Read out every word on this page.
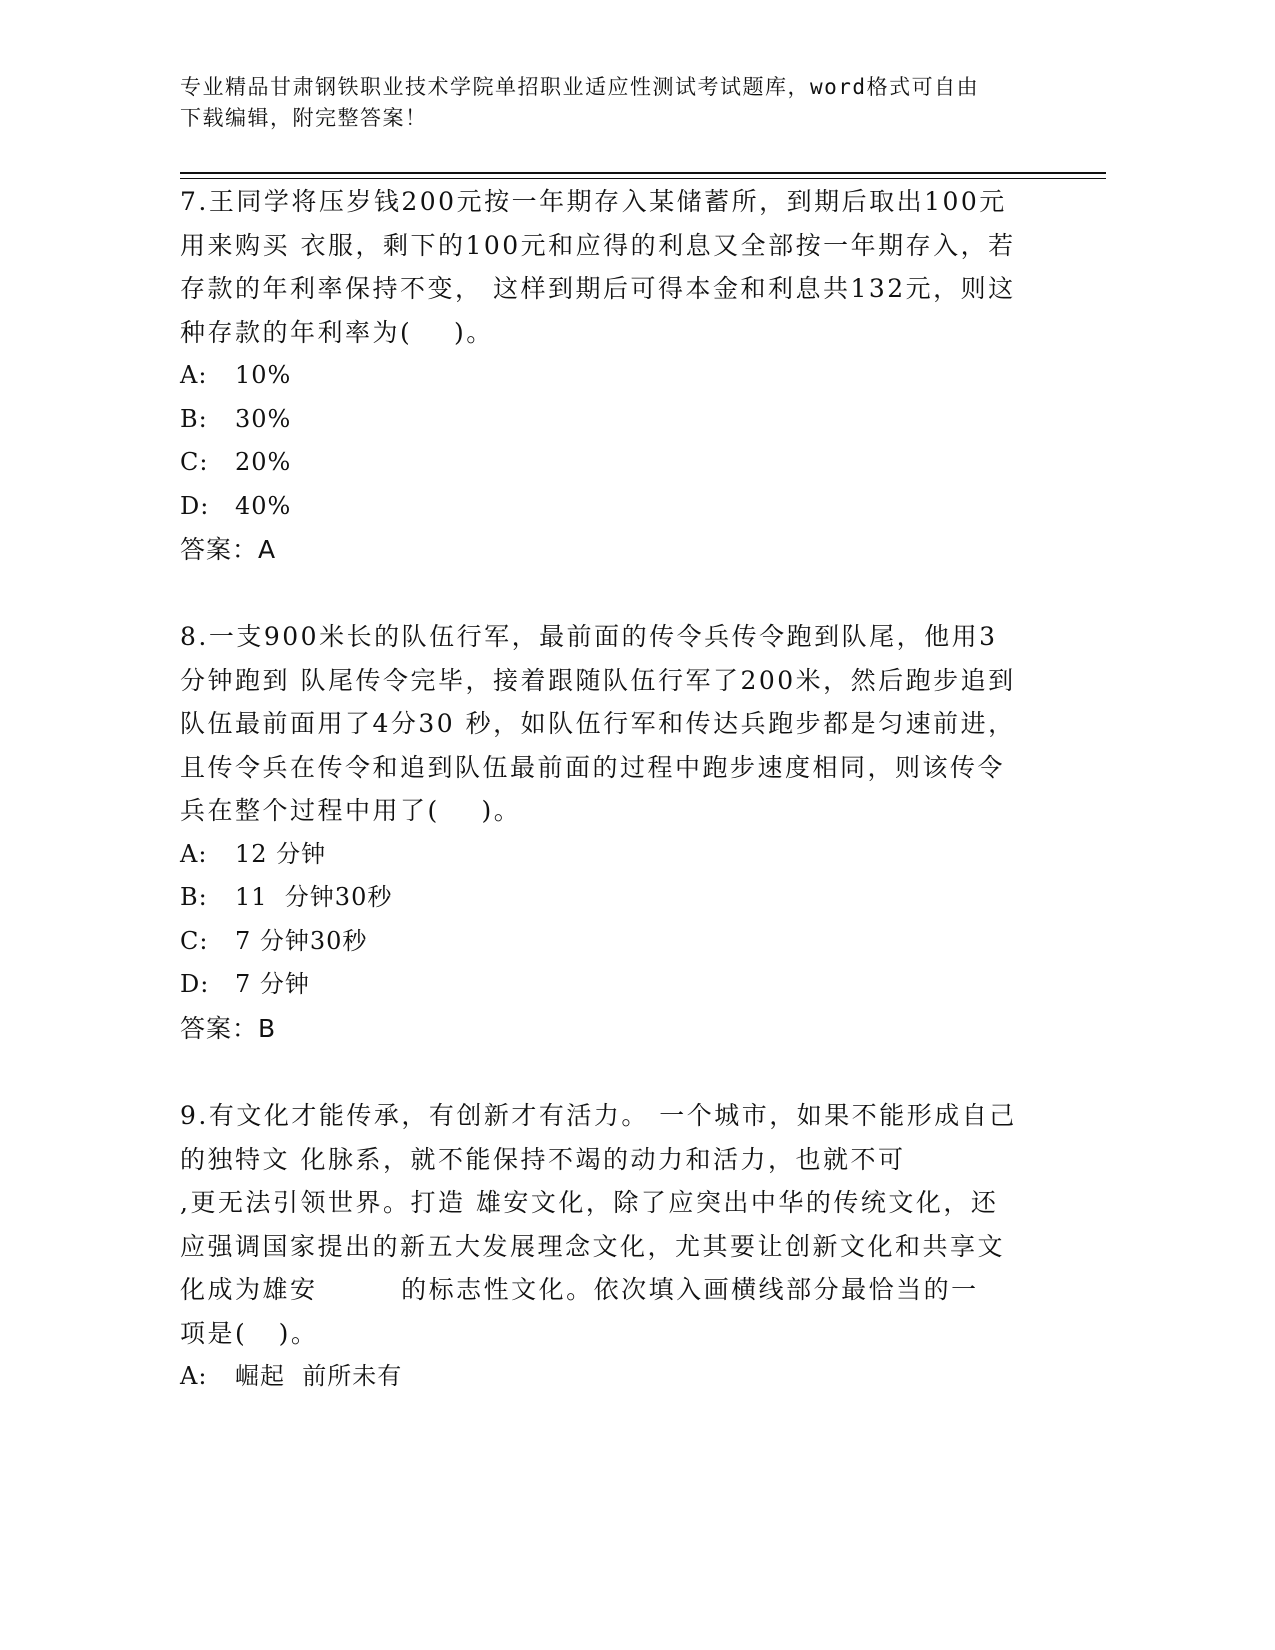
专业精品甘肃钢铁职业技术学院单招职业适应性测试考试题库，word格式可自由
下载编辑，附完整答案！
7.王同学将压岁钱200元按一年期存入某储蓄所，到期后取出100元
用来购买 衣服，剩下的100元和应得的利息又全部按一年期存入，若
存款的年利率保持不变， 这样到期后可得本金和利息共132元，则这
种存款的年利率为(    )。
A:	10%
B:	30%
C:	20%
D:	40%
答案：A
8.一支900米长的队伍行军，最前面的传令兵传令跑到队尾，他用3
分钟跑到 队尾传令完毕，接着跟随队伍行军了200米，然后跑步追到
队伍最前面用了4分30 秒，如队伍行军和传达兵跑步都是匀速前进，
且传令兵在传令和追到队伍最前面的过程中跑步速度相同，则该传令
兵在整个过程中用了(    )。
A:	12 分钟
B:	11  分钟30秒
C:	7 分钟30秒
D:	7 分钟
答案：B
9.有文化才能传承，有创新才有活力。 一个城市，如果不能形成自己
的独特文 化脉系，就不能保持不竭的动力和活力，也就不可
,更无法引领世界。打造 雄安文化，除了应突出中华的传统文化，还
应强调国家提出的新五大发展理念文化，尤其要让创新文化和共享文
化成为雄安        的标志性文化。依次填入画横线部分最恰当的一
项是(   )。
A:	崛起  前所未有
